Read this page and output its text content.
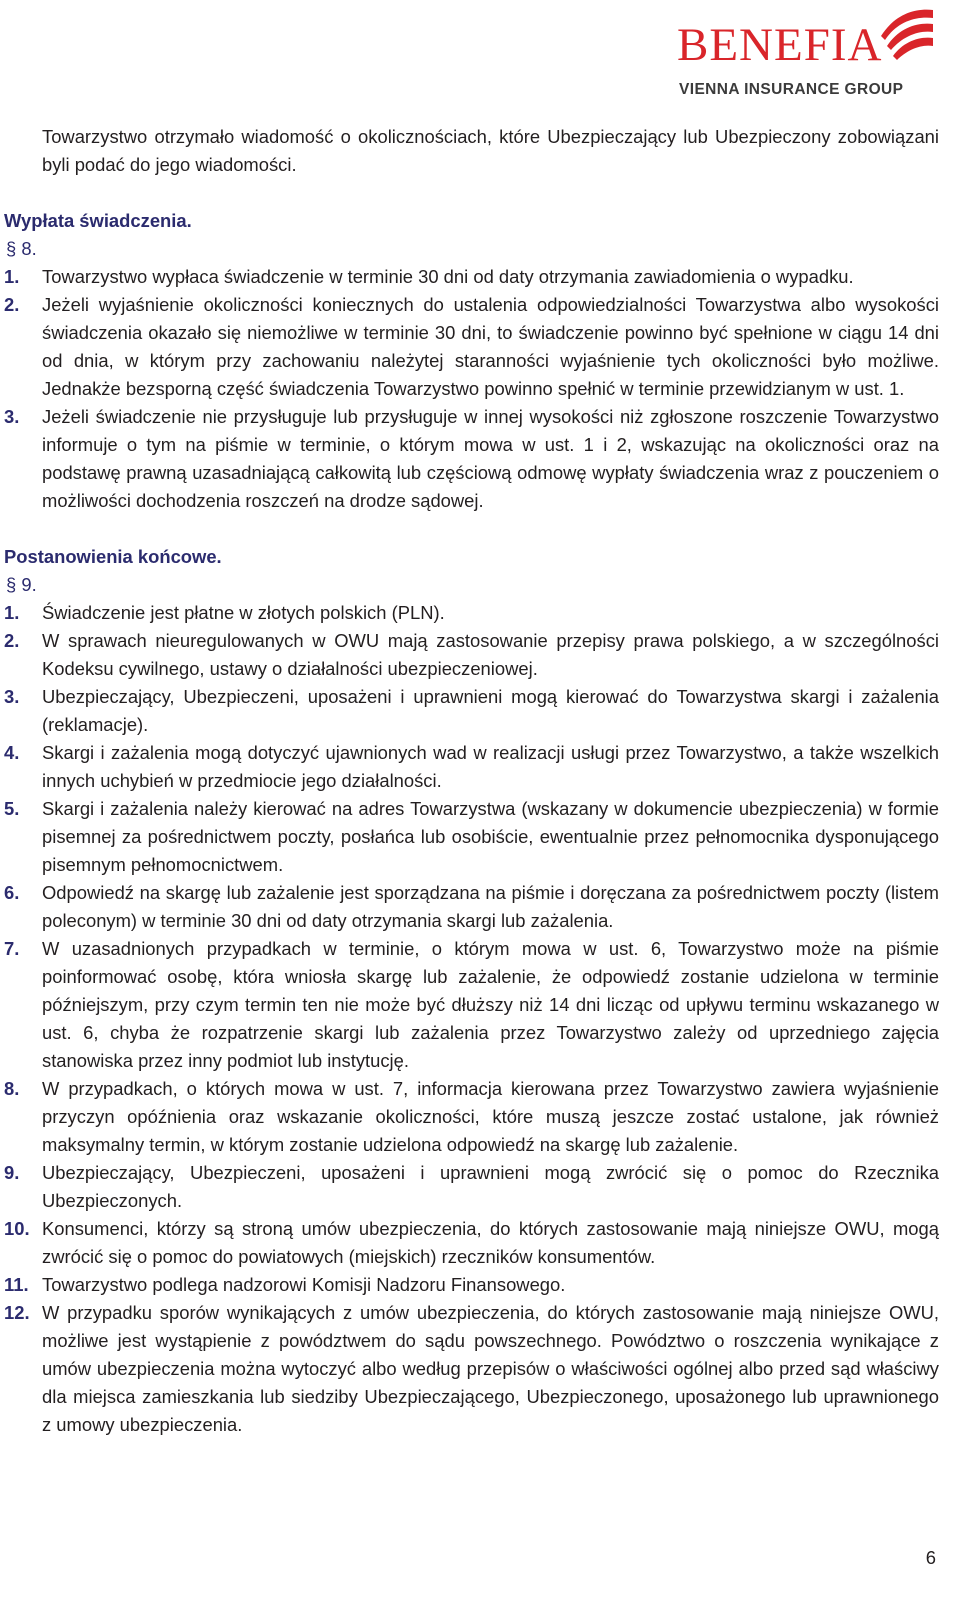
BENEFIA
VIENNA INSURANCE GROUP
Towarzystwo otrzymało wiadomość o okolicznościach, które Ubezpieczający lub Ubezpieczony zobowiązani byli podać do jego wiadomości.
Wypłata świadczenia.
§ 8.
1.	Towarzystwo wypłaca świadczenie w terminie 30 dni od daty otrzymania zawiadomienia o wypadku.
2.	Jeżeli wyjaśnienie okoliczności koniecznych do ustalenia odpowiedzialności Towarzystwa albo wysokości świadczenia okazało się niemożliwe w terminie 30 dni, to świadczenie powinno być spełnione w ciągu 14 dni od dnia, w którym przy zachowaniu należytej staranności wyjaśnienie tych okoliczności było możliwe. Jednakże bezsporną część świadczenia Towarzystwo powinno spełnić w terminie przewidzianym w ust. 1.
3.	Jeżeli świadczenie nie przysługuje lub przysługuje w innej wysokości niż zgłoszone roszczenie Towarzystwo informuje o tym na piśmie w terminie, o którym mowa w ust. 1 i 2, wskazując na okoliczności oraz na podstawę prawną uzasadniającą całkowitą lub częściową odmowę wypłaty świadczenia wraz z pouczeniem o możliwości dochodzenia roszczeń na drodze sądowej.
Postanowienia końcowe.
§ 9.
1.	Świadczenie jest płatne w złotych polskich (PLN).
2.	W sprawach nieuregulowanych w OWU mają zastosowanie przepisy prawa polskiego, a w szczególności Kodeksu cywilnego, ustawy o działalności ubezpieczeniowej.
3.	Ubezpieczający, Ubezpieczeni, uposażeni i uprawnieni mogą kierować do Towarzystwa skargi i zażalenia (reklamacje).
4.	Skargi i zażalenia mogą dotyczyć ujawnionych wad w realizacji usługi przez Towarzystwo, a także wszelkich innych uchybień w przedmiocie jego działalności.
5.	Skargi i zażalenia należy kierować na adres Towarzystwa (wskazany w dokumencie ubezpieczenia) w formie pisemnej za pośrednictwem poczty, posłańca lub osobiście, ewentualnie przez pełnomocnika dysponującego pisemnym pełnomocnictwem.
6.	Odpowiedź na skargę lub zażalenie jest sporządzana na piśmie i doręczana za pośrednictwem poczty (listem poleconym) w terminie 30 dni od daty otrzymania skargi lub zażalenia.
7.	W uzasadnionych przypadkach w terminie, o którym mowa w ust. 6, Towarzystwo może na piśmie poinformować osobę, która wniosła skargę lub zażalenie, że odpowiedź zostanie udzielona w terminie późniejszym, przy czym termin ten nie może być dłuższy niż 14 dni licząc od upływu terminu wskazanego w ust. 6, chyba że rozpatrzenie skargi lub zażalenia przez Towarzystwo zależy od uprzedniego zajęcia stanowiska przez inny podmiot lub instytucję.
8.	W przypadkach, o których mowa w ust. 7, informacja kierowana przez Towarzystwo zawiera wyjaśnienie przyczyn opóźnienia oraz wskazanie okoliczności, które muszą jeszcze zostać ustalone, jak również maksymalny termin, w którym zostanie udzielona odpowiedź na skargę lub zażalenie.
9.	Ubezpieczający, Ubezpieczeni, uposażeni i uprawnieni mogą zwrócić się o pomoc do Rzecznika Ubezpieczonych.
10. Konsumenci, którzy są stroną umów ubezpieczenia, do których zastosowanie mają niniejsze OWU, mogą zwrócić się o pomoc do powiatowych (miejskich) rzeczników konsumentów.
11. Towarzystwo podlega nadzorowi Komisji Nadzoru Finansowego.
12. W przypadku sporów wynikających z umów ubezpieczenia, do których zastosowanie mają niniejsze OWU, możliwe jest wystąpienie z powództwem do sądu powszechnego. Powództwo o roszczenia wynikające z umów ubezpieczenia można wytoczyć albo według przepisów o właściwości ogólnej albo przed sąd właściwy dla miejsca zamieszkania lub siedziby Ubezpieczającego, Ubezpieczonego, uposażonego lub uprawnionego z umowy ubezpieczenia.
6
